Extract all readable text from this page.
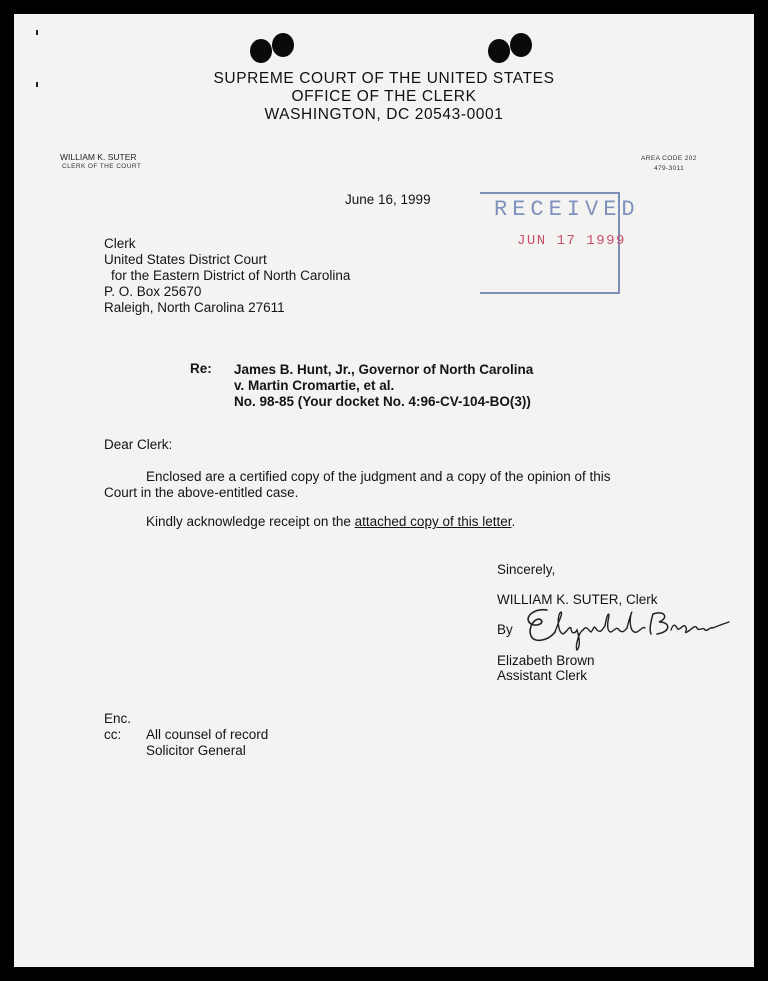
SUPREME COURT OF THE UNITED STATES
OFFICE OF THE CLERK
WASHINGTON, DC 20543-0001
WILLIAM K. SUTER
CLERK OF THE COURT
AREA CODE 202
479-3011
June 16, 1999	RECEIVED
JUN 17 1999
Clerk
United States District Court
for the Eastern District of North Carolina
P. O. Box 25670
Raleigh, North Carolina 27611
Re: James B. Hunt, Jr., Governor of North Carolina
v. Martin Cromartie, et al.
No. 98-85 (Your docket No. 4:96-CV-104-BO(3))
Dear Clerk:
Enclosed are a certified copy of the judgment and a copy of the opinion of this
Court in the above-entitled case.
Kindly acknowledge receipt on the attached copy of this letter.
Sincerely,
WILLIAM K. SUTER, Clerk
By
Elizabeth Brown
Assistant Clerk
Enc.
cc: All counsel of record
Solicitor General
